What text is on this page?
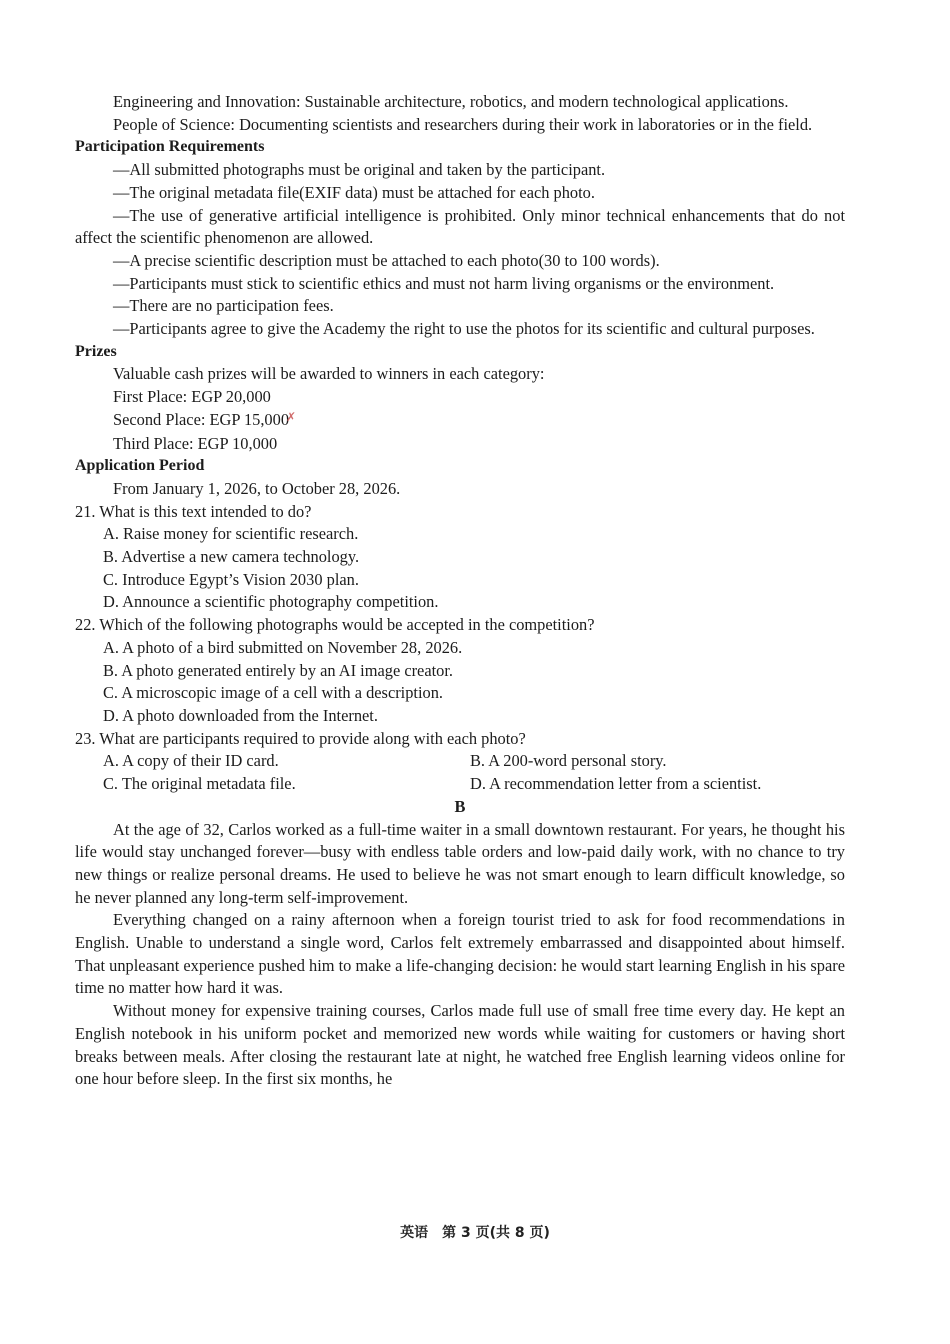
Engineering and Innovation: Sustainable architecture, robotics, and modern technological applications.

People of Science: Documenting scientists and researchers during their work in laboratories or in the field.

Participation Requirements

—All submitted photographs must be original and taken by the participant.

—The original metadata file(EXIF data) must be attached for each photo.

—The use of generative artificial intelligence is prohibited. Only minor technical enhancements that do not affect the scientific phenomenon are allowed.

—A precise scientific description must be attached to each photo(30 to 100 words).

—Participants must stick to scientific ethics and must not harm living organisms or the environment.

—There are no participation fees.

—Participants agree to give the Academy the right to use the photos for its scientific and cultural purposes.

Prizes

Valuable cash prizes will be awarded to winners in each category:

First Place: EGP 20,000

Second Place: EGP 15,000✗

Third Place: EGP 10,000

Application Period

From January 1, 2026, to October 28, 2026.

21. What is this text intended to do?

A. Raise money for scientific research.
B. Advertise a new camera technology.
C. Introduce Egypt’s Vision 2030 plan.
D. Announce a scientific photography competition.

22. Which of the following photographs would be accepted in the competition?

A. A photo of a bird submitted on November 28, 2026.
B. A photo generated entirely by an AI image creator.
C. A microscopic image of a cell with a description.
D. A photo downloaded from the Internet.

23. What are participants required to provide along with each photo?

A. A copy of their ID card.	B. A 200-word personal story.
C. The original metadata file.	D. A recommendation letter from a scientist.

B

At the age of 32, Carlos worked as a full-time waiter in a small downtown restaurant. For years, he thought his life would stay unchanged forever—busy with endless table orders and low-paid daily work, with no chance to try new things or realize personal dreams. He used to believe he was not smart enough to learn difficult knowledge, so he never planned any long-term self-improvement.

Everything changed on a rainy afternoon when a foreign tourist tried to ask for food recommendations in English. Unable to understand a single word, Carlos felt extremely embarrassed and disappointed about himself. That unpleasant experience pushed him to make a life-changing decision: he would start learning English in his spare time no matter how hard it was.

Without money for expensive training courses, Carlos made full use of small free time every day. He kept an English notebook in his uniform pocket and memorized new words while waiting for customers or having short breaks between meals. After closing the restaurant late at night, he watched free English learning videos online for one hour before sleep. In the first six months, he

英语　第 3 页(共 8 页)
